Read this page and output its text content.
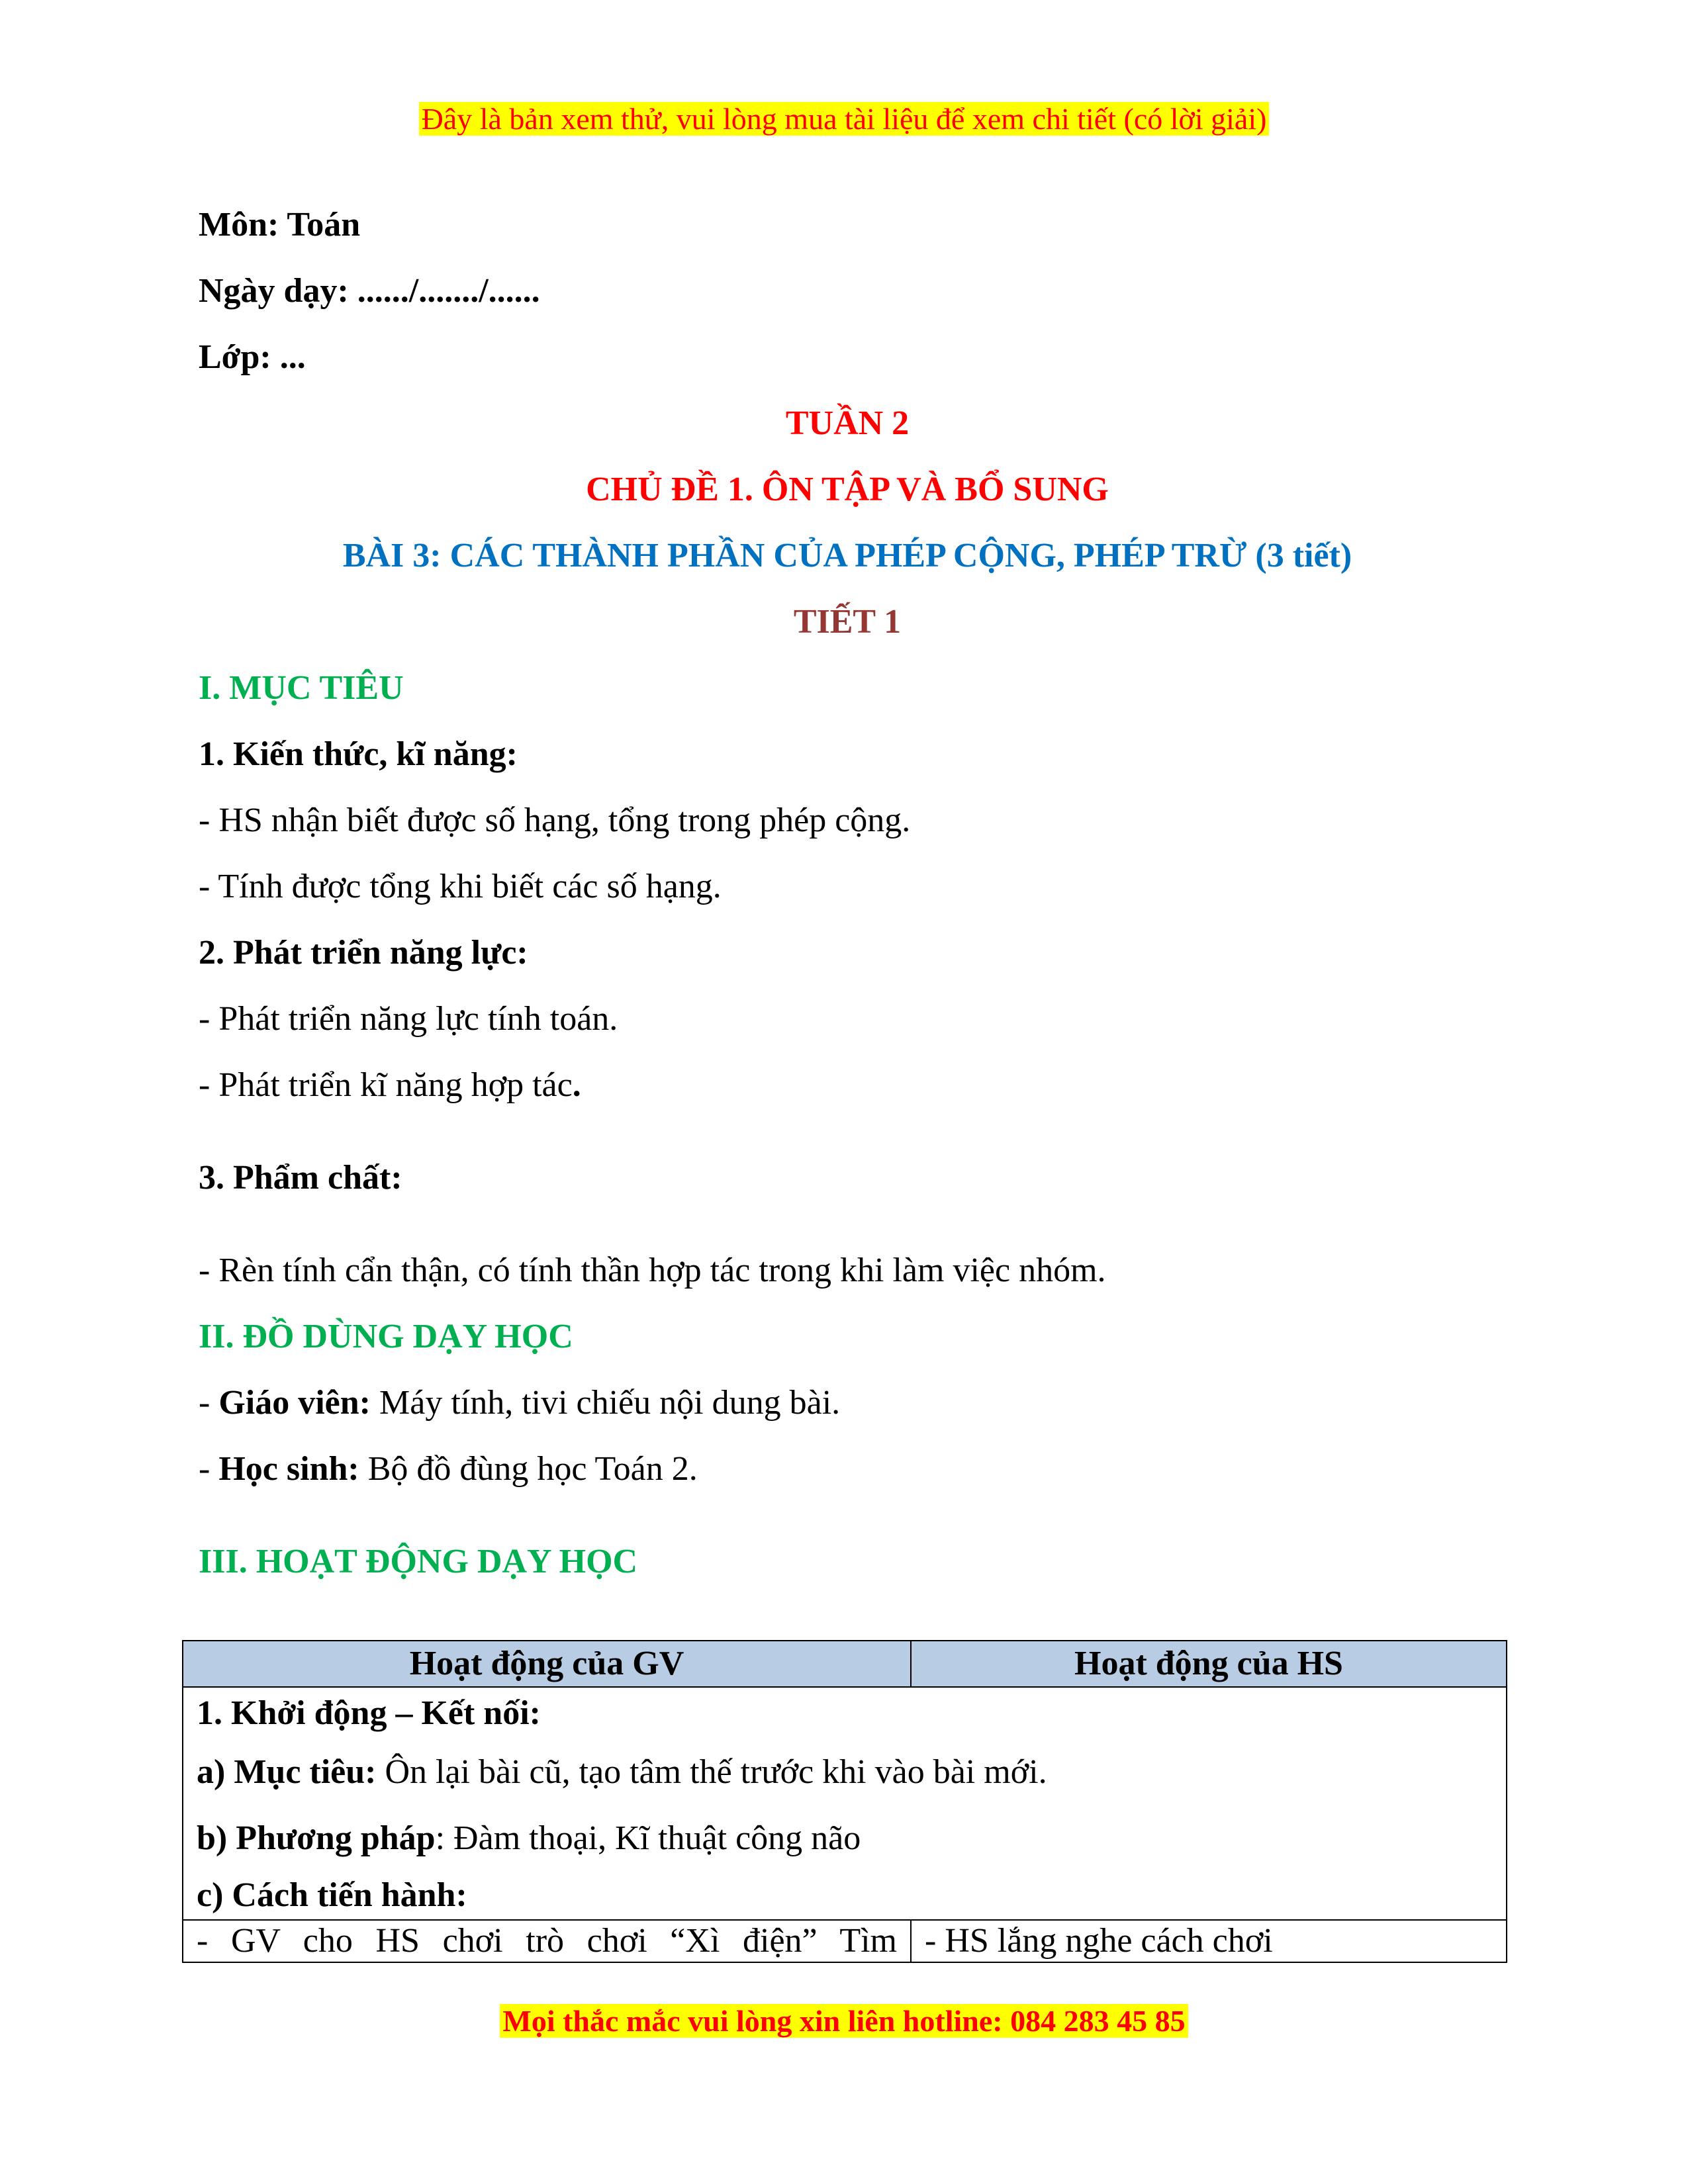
Đây là bản xem thử, vui lòng mua tài liệu để xem chi tiết (có lời giải)
Môn: Toán
Ngày dạy: ....../......./......
Lớp: ...
TUẦN 2
CHỦ ĐỀ 1. ÔN TẬP VÀ BỔ SUNG
BÀI 3: CÁC THÀNH PHẦN CỦA PHÉP CỘNG, PHÉP TRỪ (3 tiết)
TIẾT 1
I. MỤC TIÊU
1. Kiến thức, kĩ năng:
- HS nhận biết được số hạng, tổng trong phép cộng.
- Tính được tổng khi biết các số hạng.
2. Phát triển năng lực:
- Phát triển năng lực tính toán.
- Phát triển kĩ năng hợp tác.
3. Phẩm chất:
- Rèn tính cẩn thận, có tính thần hợp tác trong khi làm việc nhóm.
II. ĐỒ DÙNG DẠY HỌC
- Giáo viên: Máy tính, tivi chiếu nội dung bài.
- Học sinh: Bộ đồ đùng học Toán 2.
III. HOẠT ĐỘNG DẠY HỌC
Hoạt động của GV	Hoạt động của HS

1. Khởi động – Kết nối:
a) Mục tiêu: Ôn lại bài cũ, tạo tâm thế trước khi vào bài mới.
b) Phương pháp: Đàm thoại, Kĩ thuật công não
c) Cách tiến hành:	

- GV cho HS chơi trò chơi “Xì điện” Tìm	- HS lắng nghe cách chơi
Mọi thắc mắc vui lòng xin liên hotline: 084 283 45 85
